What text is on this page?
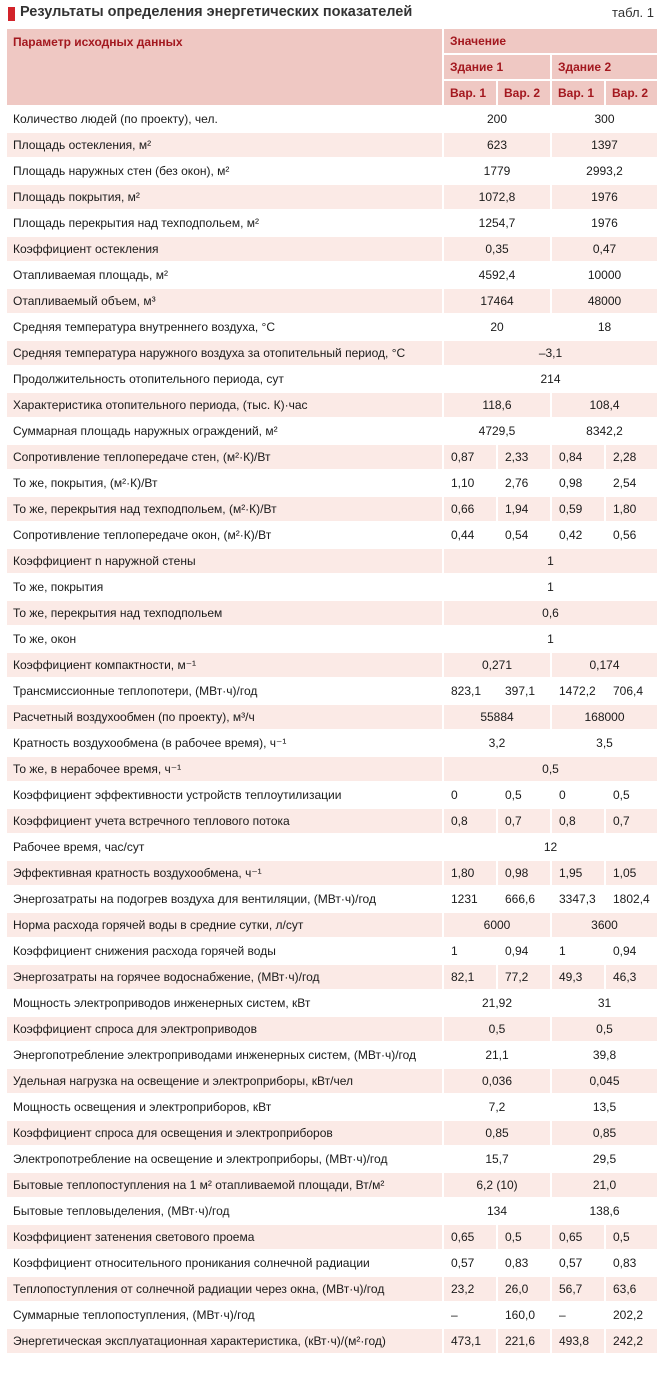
Результаты определения энергетических показателей	табл. 1
Параметр исходных данных	Значение			
	Здание 1		Здание 2	
	Вар. 1	Вар. 2	Вар. 1	Вар. 2
Количество людей (по проекту), чел.	200		300	
Площадь остекления, м²	623		1397	
Площадь наружных стен (без окон), м²	1779		2993,2	
Площадь покрытия, м²	1072,8		1976	
Площадь перекрытия над техподпольем, м²	1254,7		1976	
Коэффициент остекления	0,35		0,47	
Отапливаемая площадь, м²	4592,4		10000	
Отапливаемый объем, м³	17464		48000	
Средняя температура внутреннего воздуха, °С	20		18	
Средняя температура наружного воздуха за отопительный период, °С	–3,1			
Продолжительность отопительного периода, сут	214			
Характеристика отопительного периода, (тыс. К)·час	118,6		108,4	
Суммарная площадь наружных ограждений, м²	4729,5		8342,2	
Сопротивление теплопередаче стен, (м²·К)/Вт	0,87	2,33	0,84	2,28
То же, покрытия, (м²·К)/Вт	1,10	2,76	0,98	2,54
То же, перекрытия над техподпольем, (м²·К)/Вт	0,66	1,94	0,59	1,80
Сопротивление теплопередаче окон, (м²·К)/Вт	0,44	0,54	0,42	0,56
Коэффициент n наружной стены	1			
То же, покрытия	1			
То же, перекрытия над техподпольем	0,6			
То же, окон	1			
Коэффициент компактности, м⁻¹	0,271		0,174	
Трансмиссионные теплопотери, (МВт·ч)/год	823,1	397,1	1472,2	706,4
Расчетный воздухообмен (по проекту), м³/ч	55884		168000	
Кратность воздухообмена (в рабочее время), ч⁻¹	3,2		3,5	
То же, в нерабочее время, ч⁻¹	0,5			
Коэффициент эффективности устройств теплоутилизации	0	0,5	0	0,5
Коэффициент учета встречного теплового потока	0,8	0,7	0,8	0,7
Рабочее время, час/сут	12			
Эффективная кратность воздухообмена, ч⁻¹	1,80	0,98	1,95	1,05
Энергозатраты на подогрев воздуха для вентиляции, (МВт·ч)/год	1231	666,6	3347,3	1802,4
Норма расхода горячей воды в средние сутки, л/сут	6000		3600	
Коэффициент снижения расхода горячей воды	1	0,94	1	0,94
Энергозатраты на горячее водоснабжение, (МВт·ч)/год	82,1	77,2	49,3	46,3
Мощность электроприводов инженерных систем, кВт	21,92		31	
Коэффициент спроса для электроприводов	0,5		0,5	
Энергопотребление электроприводами инженерных систем, (МВт·ч)/год	21,1		39,8	
Удельная нагрузка на освещение и электроприборы, кВт/чел	0,036		0,045	
Мощность освещения и электроприборов, кВт	7,2		13,5	
Коэффициент спроса для освещения и электроприборов	0,85		0,85	
Электропотребление на освещение и электроприборы, (МВт·ч)/год	15,7		29,5	
Бытовые теплопоступления на 1 м² отапливаемой площади, Вт/м²	6,2 (10)		21,0	
Бытовые тепловыделения, (МВт·ч)/год	134		138,6	
Коэффициент затенения светового проема	0,65	0,5	0,65	0,5
Коэффициент относительного проникания солнечной радиации	0,57	0,83	0,57	0,83
Теплопоступления от солнечной радиации через окна, (МВт·ч)/год	23,2	26,0	56,7	63,6
Суммарные теплопоступления, (МВт·ч)/год	–	160,0	–	202,2
Энергетическая эксплуатационная характеристика, (кВт·ч)/(м²·год)	473,1	221,6	493,8	242,2
